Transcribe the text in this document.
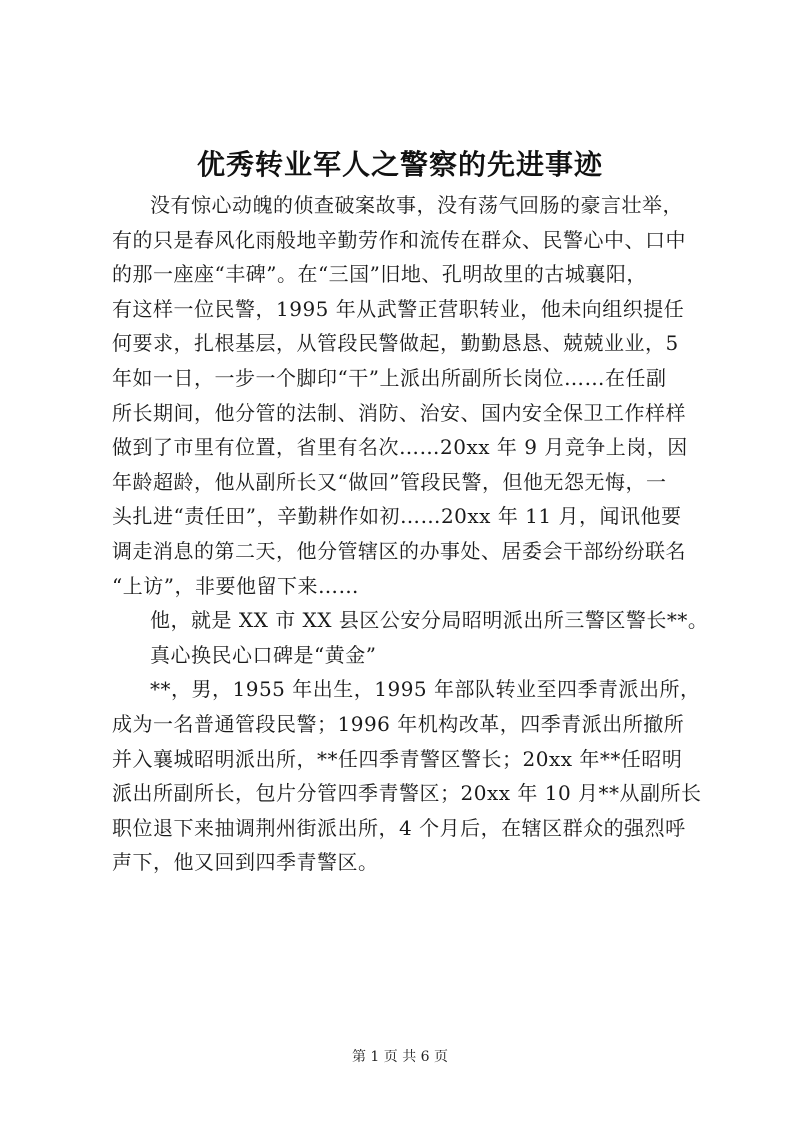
优秀转业军人之警察的先进事迹
没有惊心动魄的侦查破案故事，没有荡气回肠的豪言壮举，
有的只是春风化雨般地辛勤劳作和流传在群众、民警心中、口中
的那一座座“丰碑”。在“三国”旧地、孔明故里的古城襄阳，
有这样一位民警，1995 年从武警正营职转业，他未向组织提任
何要求，扎根基层，从管段民警做起，勤勤恳恳、兢兢业业，5
年如一日，一步一个脚印“干”上派出所副所长岗位……在任副
所长期间，他分管的法制、消防、治安、国内安全保卫工作样样
做到了市里有位置，省里有名次……20xx 年 9 月竞争上岗，因
年龄超龄，他从副所长又“做回”管段民警，但他无怨无悔，一
头扎进“责任田”，辛勤耕作如初……20xx 年 11 月，闻讯他要
调走消息的第二天，他分管辖区的办事处、居委会干部纷纷联名
“上访”，非要他留下来……
他，就是 XX 市 XX 县区公安分局昭明派出所三警区警长**。
真心换民心口碑是“黄金”
**，男，1955 年出生，1995 年部队转业至四季青派出所，
成为一名普通管段民警；1996 年机构改革，四季青派出所撤所
并入襄城昭明派出所，**任四季青警区警长；20xx 年**任昭明
派出所副所长，包片分管四季青警区；20xx 年 10 月**从副所长
职位退下来抽调荆州街派出所，4 个月后，在辖区群众的强烈呼
声下，他又回到四季青警区。
第 1 页 共 6 页
